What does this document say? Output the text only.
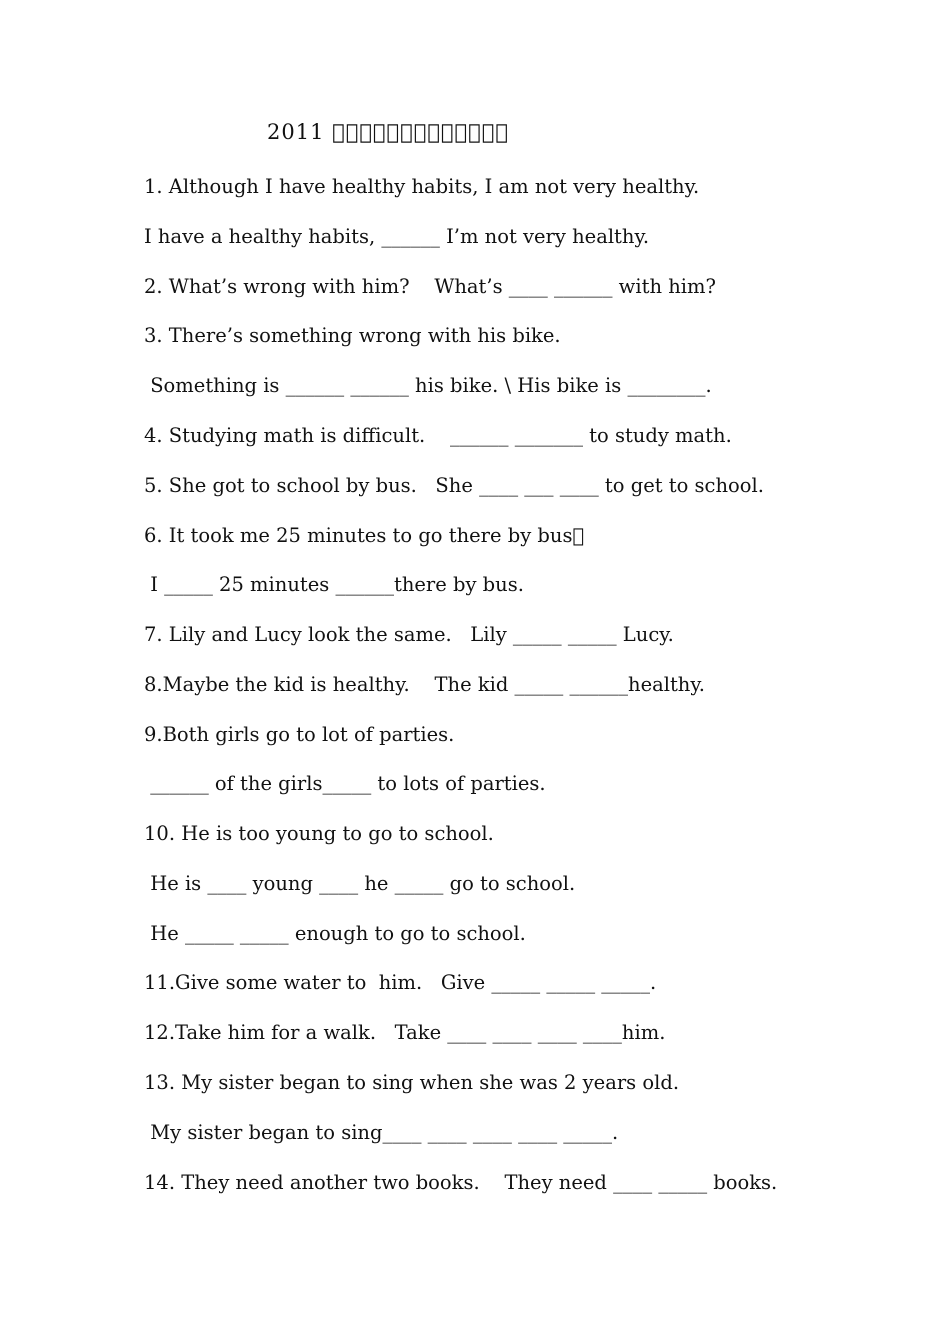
2011 􏰀􏰀􏰀􏰀􏰀􏰀􏰀􏰀􏰀􏰀􏰀􏰀􏰀
1. Although I have healthy habits, I am not very healthy.
I have a healthy habits, ______ I’m not very healthy.
2. What’s wrong with him?    What’s ____ ______ with him?
3. There’s something wrong with his bike.
Something is ______ ______ his bike. \ His bike is ________.
4. Studying math is difficult.    ______ _______ to study math.
5. She got to school by bus.   She ____ ___ ____ to get to school.
6. It took me 25 minutes to go there by bus􏰀
I _____ 25 minutes ______there by bus.
7. Lily and Lucy look the same.   Lily _____ _____ Lucy.
8.Maybe the kid is healthy.    The kid _____ ______healthy.
9.Both girls go to lot of parties.
______ of the girls_____ to lots of parties.
10. He is too young to go to school.
He is ____ young ____ he _____ go to school.
He _____ _____ enough to go to school.
11.Give some water to  him.   Give _____ _____ _____.
12.Take him for a walk.   Take ____ ____ ____ ____him.
13. My sister began to sing when she was 2 years old.
My sister began to sing____ ____ ____ ____ _____.
14. They need another two books.    They need ____ _____ books.
